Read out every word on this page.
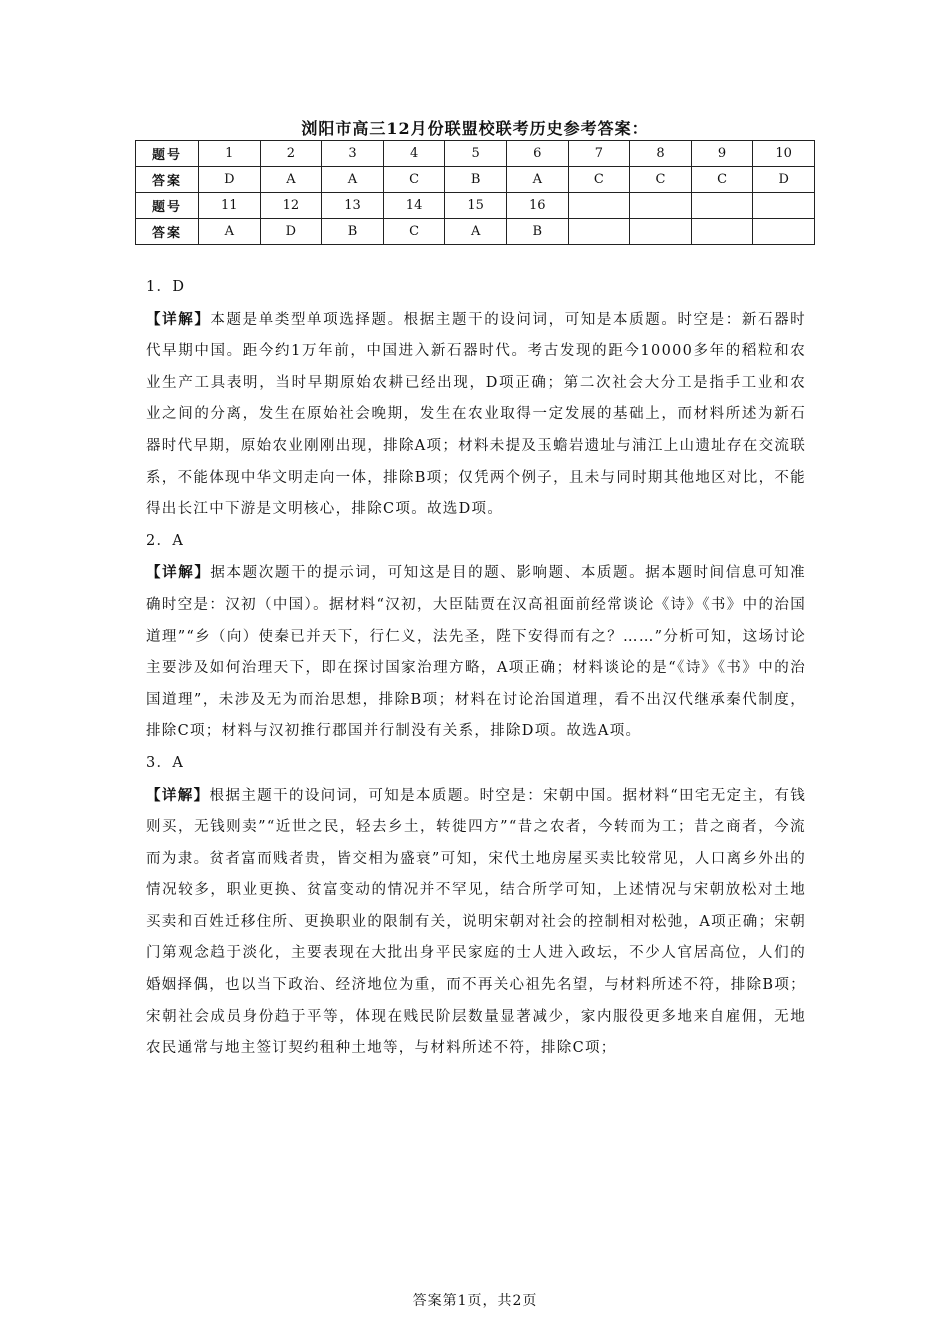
浏阳市高三12月份联盟校联考历史参考答案：
题号	1	2	3	4	5	6	7	8	9	10
答案	D	A	A	C	B	A	C	C	C	D
题号	11	12	13	14	15	16				
答案	A	D	B	C	A	B				

1．D

【详解】本题是单类型单项选择题。根据主题干的设问词，可知是本质题。时空是：新石器时代早期中国。距今约1万年前，中国进入新石器时代。考古发现的距今10000多年的稻粒和农业生产工具表明，当时早期原始农耕已经出现，D项正确；第二次社会大分工是指手工业和农业之间的分离，发生在原始社会晚期，发生在农业取得一定发展的基础上，而材料所述为新石器时代早期，原始农业刚刚出现，排除A项；材料未提及玉蟾岩遗址与浦江上山遗址存在交流联系，不能体现中华文明走向一体，排除B项；仅凭两个例子，且未与同时期其他地区对比，不能得出长江中下游是文明核心，排除C项。故选D项。

2．A

【详解】据本题次题干的提示词，可知这是目的题、影响题、本质题。据本题时间信息可知准确时空是：汉初（中国）。据材料“汉初，大臣陆贾在汉高祖面前经常谈论《诗》《书》中的治国道理”“乡（向）使秦已并天下，行仁义，法先圣，陛下安得而有之？……”分析可知，这场讨论主要涉及如何治理天下，即在探讨国家治理方略，A项正确；材料谈论的是“《诗》《书》中的治国道理”，未涉及无为而治思想，排除B项；材料在讨论治国道理，看不出汉代继承秦代制度，排除C项；材料与汉初推行郡国并行制没有关系，排除D项。故选A项。

3．A

【详解】根据主题干的设问词，可知是本质题。时空是：宋朝中国。据材料“田宅无定主，有钱则买，无钱则卖”“近世之民，轻去乡土，转徙四方”“昔之农者，今转而为工；昔之商者，今流而为隶。贫者富而贱者贵，皆交相为盛衰”可知，宋代土地房屋买卖比较常见，人口离乡外出的情况较多，职业更换、贫富变动的情况并不罕见，结合所学可知，上述情况与宋朝放松对土地买卖和百姓迁移住所、更换职业的限制有关，说明宋朝对社会的控制相对松弛，A项正确；宋朝门第观念趋于淡化，主要表现在大批出身平民家庭的士人进入政坛，不少人官居高位，人们的婚姻择偶，也以当下政治、经济地位为重，而不再关心祖先名望，与材料所述不符，排除B项；宋朝社会成员身份趋于平等，体现在贱民阶层数量显著减少，家内服役更多地来自雇佣，无地农民通常与地主签订契约租种土地等，与材料所述不符，排除C项；

答案第1页，共2页
